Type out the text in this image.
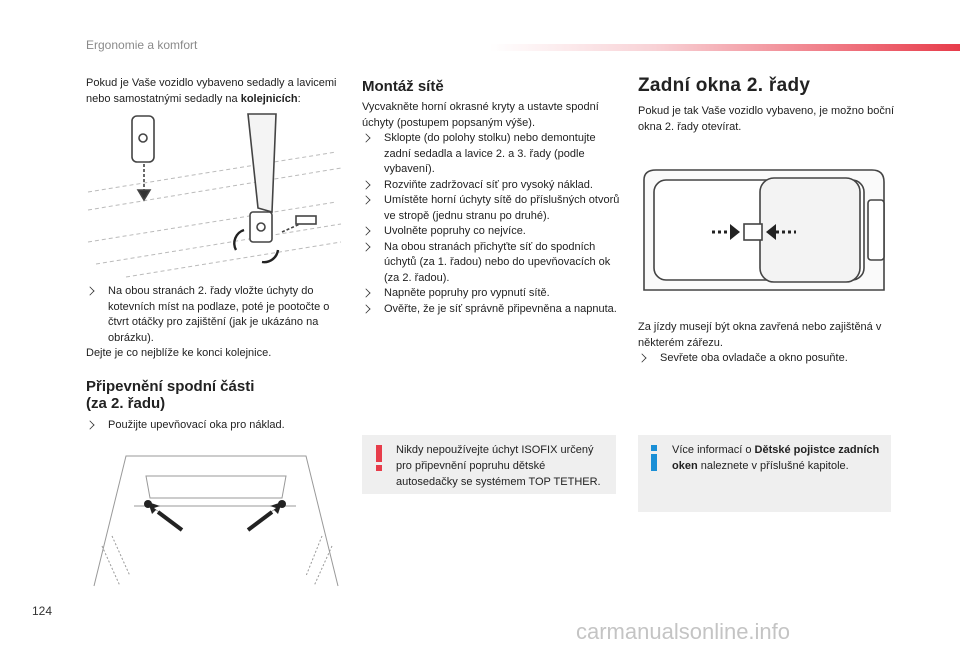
Ergonomie a komfort

Pokud je Vaše vozidlo vybaveno sedadly a lavicemi nebo samostatnými sedadly na kolejnicích:

Na obou stranách 2. řady vložte úchyty do kotevních míst na podlaze, poté je pootočte o čtvrt otáčky pro zajištění (jak je ukázáno na obrázku).

Dejte je co nejblíže ke konci kolejnice.

Připevnění spodní části
(za 2. řadu)
Použijte upevňovací oka pro náklad.
Montáž sítě

Vycvakněte horní okrasné kryty a ustavte spodní úchyty (postupem popsaným výše).

Sklopte (do polohy stolku) nebo demontujte zadní sedadla a lavice 2. a 3. řady (podle vybavení).
Rozviňte zadržovací síť pro vysoký náklad.
Umístěte horní úchyty sítě do příslušných otvorů ve stropě (jednu stranu po druhé).
Uvolněte popruhy co nejvíce.
Na obou stranách přichyťte síť do spodních úchytů (za 1. řadou) nebo do upevňovacích ok (za 2. řadou).
Napněte popruhy pro vypnutí sítě.
Ověřte, že je síť správně připevněna a napnuta.
Nikdy nepoužívejte úchyt ISOFIX určený pro připevnění popruhu dětské autosedačky se systémem TOP TETHER.
Zadní okna 2. řady

Pokud je tak Vaše vozidlo vybaveno, je možno boční okna 2. řady otevírat.

Za jízdy musejí být okna zavřená nebo zajištěná v některém zářezu.

Sevřete oba ovladače a okno posuňte.
Více informací o Dětské pojistce zadních oken naleznete v příslušné kapitole.
124
carmanualsonline.info
